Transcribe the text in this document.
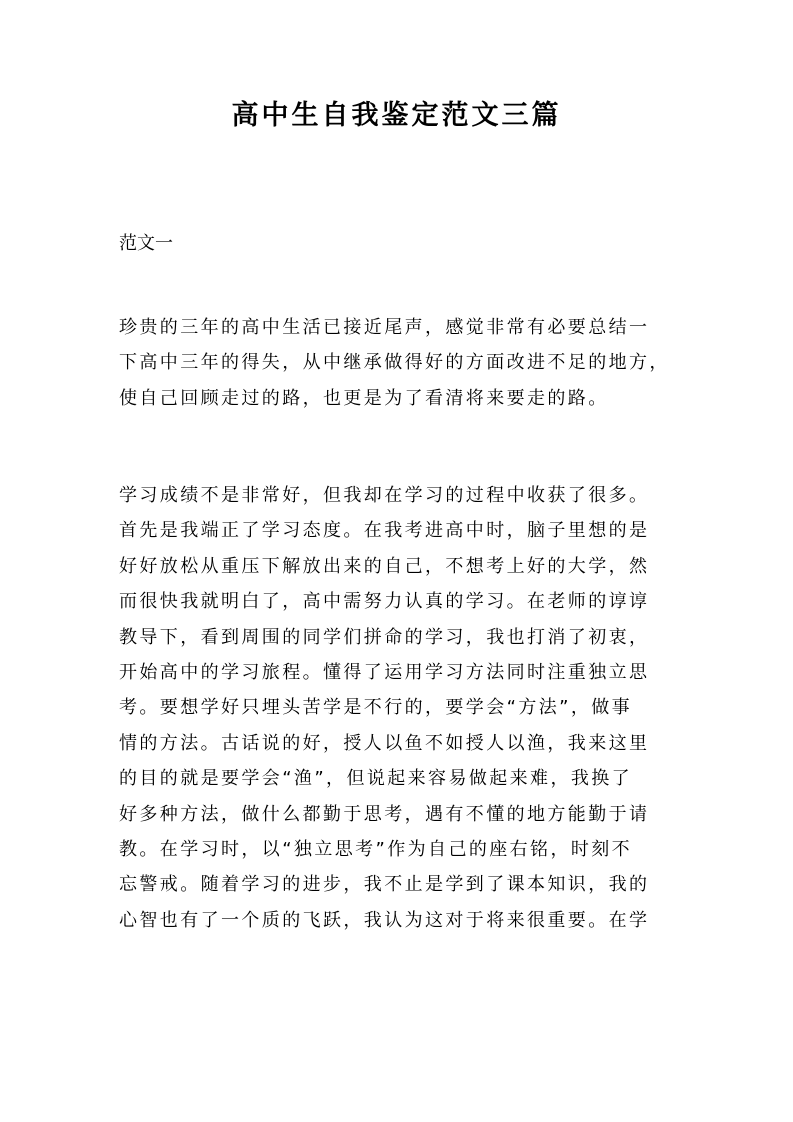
高中生自我鉴定范文三篇

范文一

珍贵的三年的高中生活已接近尾声，感觉非常有必要总结一
下高中三年的得失，从中继承做得好的方面改进不足的地方，
使自己回顾走过的路，也更是为了看清将来要走的路。
学习成绩不是非常好，但我却在学习的过程中收获了很多。
首先是我端正了学习态度。在我考进高中时，脑子里想的是
好好放松从重压下解放出来的自己，不想考上好的大学，然
而很快我就明白了，高中需努力认真的学习。在老师的谆谆
教导下，看到周围的同学们拼命的学习，我也打消了初衷，
开始高中的学习旅程。懂得了运用学习方法同时注重独立思
考。要想学好只埋头苦学是不行的，要学会“方法”，做事
情的方法。古话说的好，授人以鱼不如授人以渔，我来这里
的目的就是要学会“渔”，但说起来容易做起来难，我换了
好多种方法，做什么都勤于思考，遇有不懂的地方能勤于请
教。在学习时，以“独立思考”作为自己的座右铭，时刻不
忘警戒。随着学习的进步，我不止是学到了课本知识，我的
心智也有了一个质的飞跃，我认为这对于将来很重要。在学
